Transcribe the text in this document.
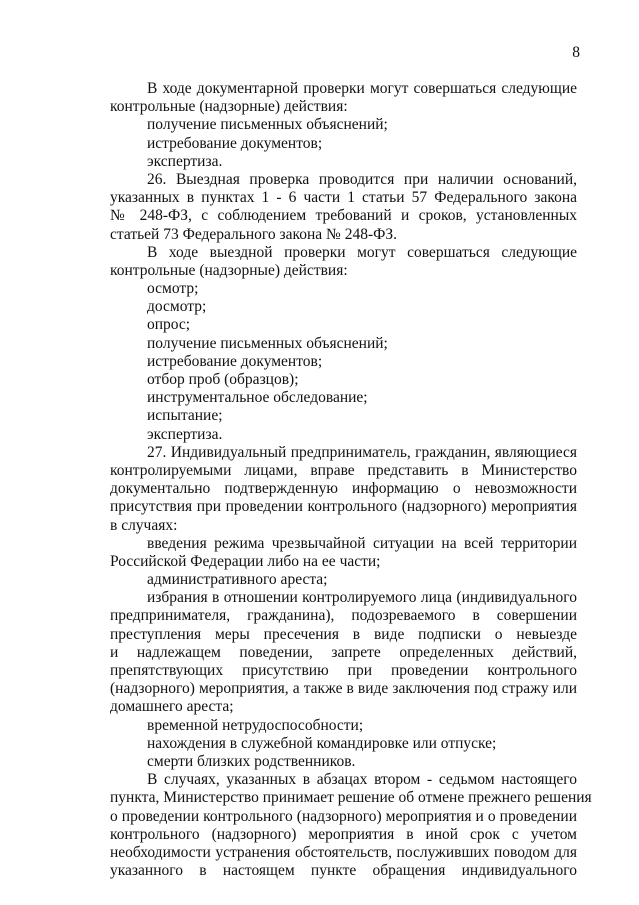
8
В ходе документарной проверки могут совершаться следующие
контрольные (надзорные) действия:
получение письменных объяснений;
истребование документов;
экспертиза.
26. Выездная проверка проводится при наличии оснований,
указанных в пунктах 1 - 6 части 1 статьи 57 Федерального закона
№ 248-ФЗ, с соблюдением требований и сроков, установленных
статьей 73 Федерального закона № 248-ФЗ.
В ходе выездной проверки могут совершаться следующие
контрольные (надзорные) действия:
осмотр;
досмотр;
опрос;
получение письменных объяснений;
истребование документов;
отбор проб (образцов);
инструментальное обследование;
испытание;
экспертиза.
27. Индивидуальный предприниматель, гражданин, являющиеся
контролируемыми лицами, вправе представить в Министерство
документально подтвержденную информацию о невозможности
присутствия при проведении контрольного (надзорного) мероприятия
в случаях:
введения режима чрезвычайной ситуации на всей территории
Российской Федерации либо на ее части;
административного ареста;
избрания в отношении контролируемого лица (индивидуального
предпринимателя, гражданина), подозреваемого в совершении
преступления меры пресечения в виде подписки о невыезде
и надлежащем поведении, запрете определенных действий,
препятствующих присутствию при проведении контрольного
(надзорного) мероприятия, а также в виде заключения под стражу или
домашнего ареста;
временной нетрудоспособности;
нахождения в служебной командировке или отпуске;
смерти близких родственников.
В случаях, указанных в абзацах втором - седьмом настоящего
пункта, Министерство принимает решение об отмене прежнего решения
о проведении контрольного (надзорного) мероприятия и о проведении
контрольного (надзорного) мероприятия в иной срок с учетом
необходимости устранения обстоятельств, послуживших поводом для
указанного в настоящем пункте обращения индивидуального
